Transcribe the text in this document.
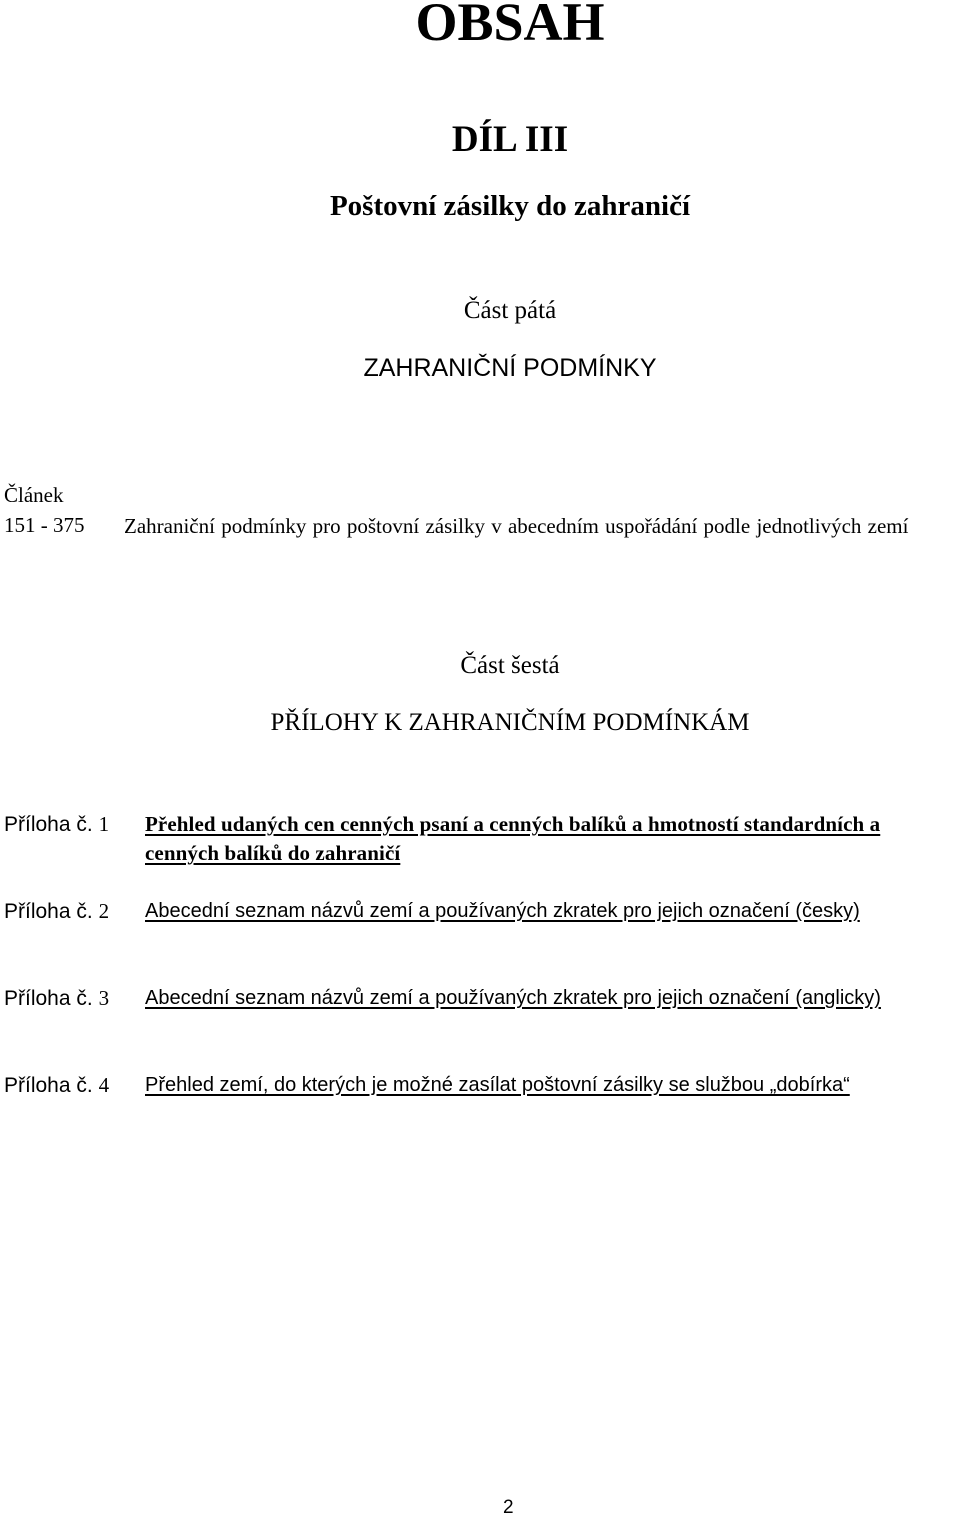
OBSAH
DÍL III
Poštovní zásilky do zahraničí
Část pátá
ZAHRANIČNÍ PODMÍNKY
Článek
151 - 375 Zahraniční podmínky pro poštovní zásilky v abecedním uspořádání podle jednotlivých zemí
Část šestá
PŘÍLOHY K ZAHRANIČNÍM PODMÍNKÁM
Příloha č. 1 Přehled udaných cen cenných psaní a cenných balíků a hmotností standardních a cenných balíků do zahraničí
Příloha č. 2 Abecední seznam názvů zemí a používaných zkratek pro jejich označení (česky)
Příloha č. 3 Abecední seznam názvů zemí a používaných zkratek pro jejich označení (anglicky)
Příloha č. 4 Přehled zemí, do kterých je možné zasílat poštovní zásilky se službou „dobírka“
2
